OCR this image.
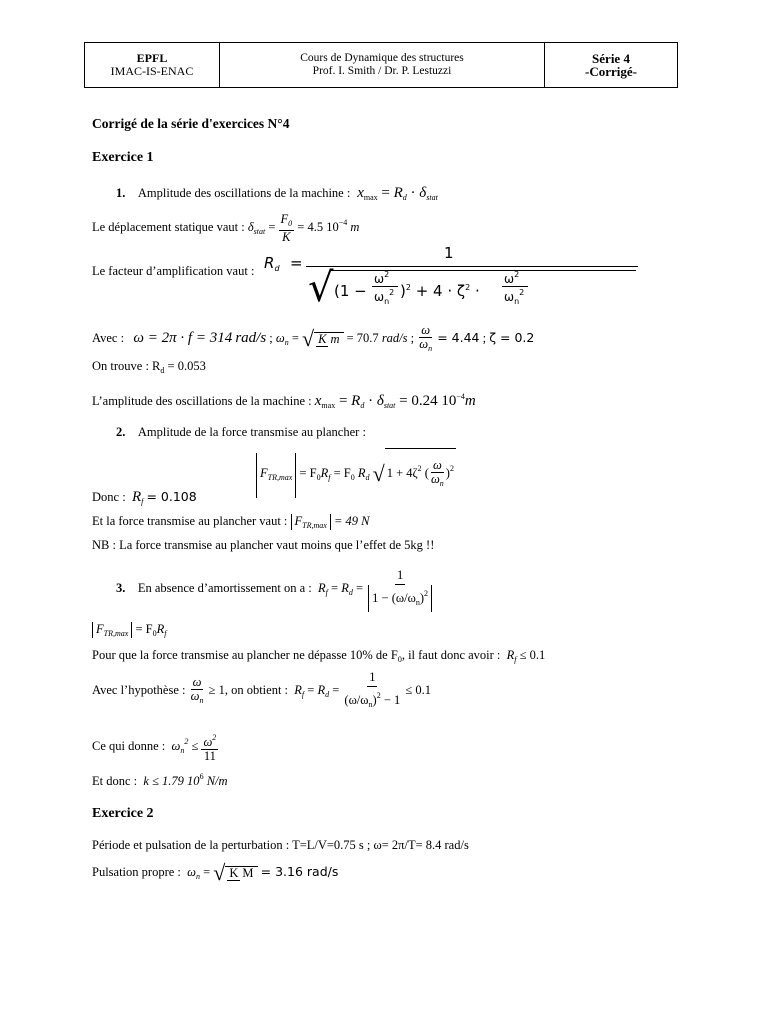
EPFL
IMAC-IS-ENAC
Cours de Dynamique des structures
Prof. I. Smith / Dr. P. Lestuzzi
Série 4
-Corrigé-
Corrigé de la série d'exercices N°4
Exercice 1
1. Amplitude des oscillations de la machine : $x_{max} = R_d \cdot \delta_{stat}$
Le déplacement statique vaut : $\delta_{stat} = \frac{F_0}{K} = 4.5$ $10^{-4}$ m
Le facteur d’amplification vaut : $R_d$ =
1
√ (1 −
$\omega^2$
$\omega_n^2$ )$^2 + 4 \cdot \zeta^2$ ·
$\omega^2$
$\omega_n^2$
Avec : ω = 2π · f = 314 rad/s ; $\omega_n$ = √ K m = 70.7 rad/s ; $\frac{\omega}{\omega_n} = 4.44$ ; ζ = 0.2
On trouve : $R_d = 0.053$
L’amplitude des oscillations de la machine : $x_{max} = R_d \cdot \delta_{stat} = 0.24$ $10^{-4}m$
2. Amplitude de la force transmise au plancher :
$F_{TR,max} = F_0R_f = F_0$ $R_d$ √ $1 + 4\zeta^2$ ( $\frac{\omega}{\omega_n} )^2$
Donc : $R_f = 0.108$
Et la force transmise au plancher vaut : $F_{TR,max} = 49$ N
NB : La force transmise au plancher vaut moins que l’effet de 5kg !!
3. En absence d’amortissement on a : $R_f = R_d = \frac{1}{1 - (\omega/\omega_n)^2}$
$F_{TR,max} = F_0R_f$
Pour que la force transmise au plancher ne dépasse 10% de $F_0$, il faut donc avoir : $R_f \le 0.1$
Avec l’hypothèse : $\frac{\omega}{\omega_n} \ge 1$, on obtient : $R_f = R_d = \frac{1}{(\omega/\omega_n)^2 - 1} \le 0.1$
Ce qui donne : $\omega_n^2 \le \frac{\omega^2}{11}$
Et donc : k ≤ 1.79 $10^6$ N/m
Exercice 2
Période et pulsation de la perturbation : T=L/V=0.75 s ; ω= 2π/T= 8.4 rad/s
Pulsation propre : $\omega_n$ = √ K M = 3.16 rad/s
